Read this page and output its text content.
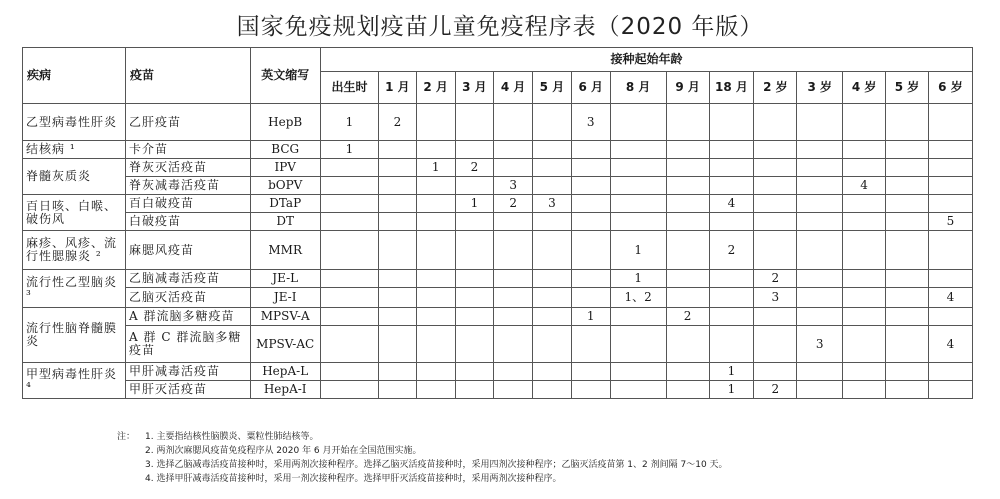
国家免疫规划疫苗儿童免疫程序表（2020 年版）
疾病	疫苗	英文缩写	接种起始年龄														
			出生时	1 月	2 月	3 月	4 月	5 月	6 月	8 月	9 月	18 月	2 岁	3 岁	4 岁	5 岁	6 岁
乙型病毒性肝炎	乙肝疫苗	HepB	1	2					3								
结核病 ¹	卡介苗	BCG	1														
脊髓灰质炎	脊灰灭活疫苗	IPV			1	2											
	脊灰减毒活疫苗	bOPV					3								4		
百日咳、白喉、破伤风	百白破疫苗	DTaP				1	2	3				4					
	白破疫苗	DT															5
麻疹、风疹、流行性腮腺炎 ²	麻腮风疫苗	MMR								1		2					
流行性乙型脑炎 ³	乙脑减毒活疫苗	JE-L								1			2				
	乙脑灭活疫苗	JE-I								1、2			3				4
流行性脑脊髓膜炎	A 群流脑多糖疫苗	MPSV-A							1		2						
	A 群 C 群流脑多糖疫苗	MPSV-AC												3			4
甲型病毒性肝炎 ⁴	甲肝减毒活疫苗	HepA-L										1					
	甲肝灭活疫苗	HepA-I										1	2				
注： 1. 主要指结核性脑膜炎、粟粒性肺结核等。
2. 两剂次麻腮风疫苗免疫程序从 2020 年 6 月开始在全国范围实施。
3. 选择乙脑减毒活疫苗接种时，采用两剂次接种程序。选择乙脑灭活疫苗接种时，采用四剂次接种程序；乙脑灭活疫苗第 1、2 剂间隔 7～10 天。
4. 选择甲肝减毒活疫苗接种时，采用一剂次接种程序。选择甲肝灭活疫苗接种时，采用两剂次接种程序。
